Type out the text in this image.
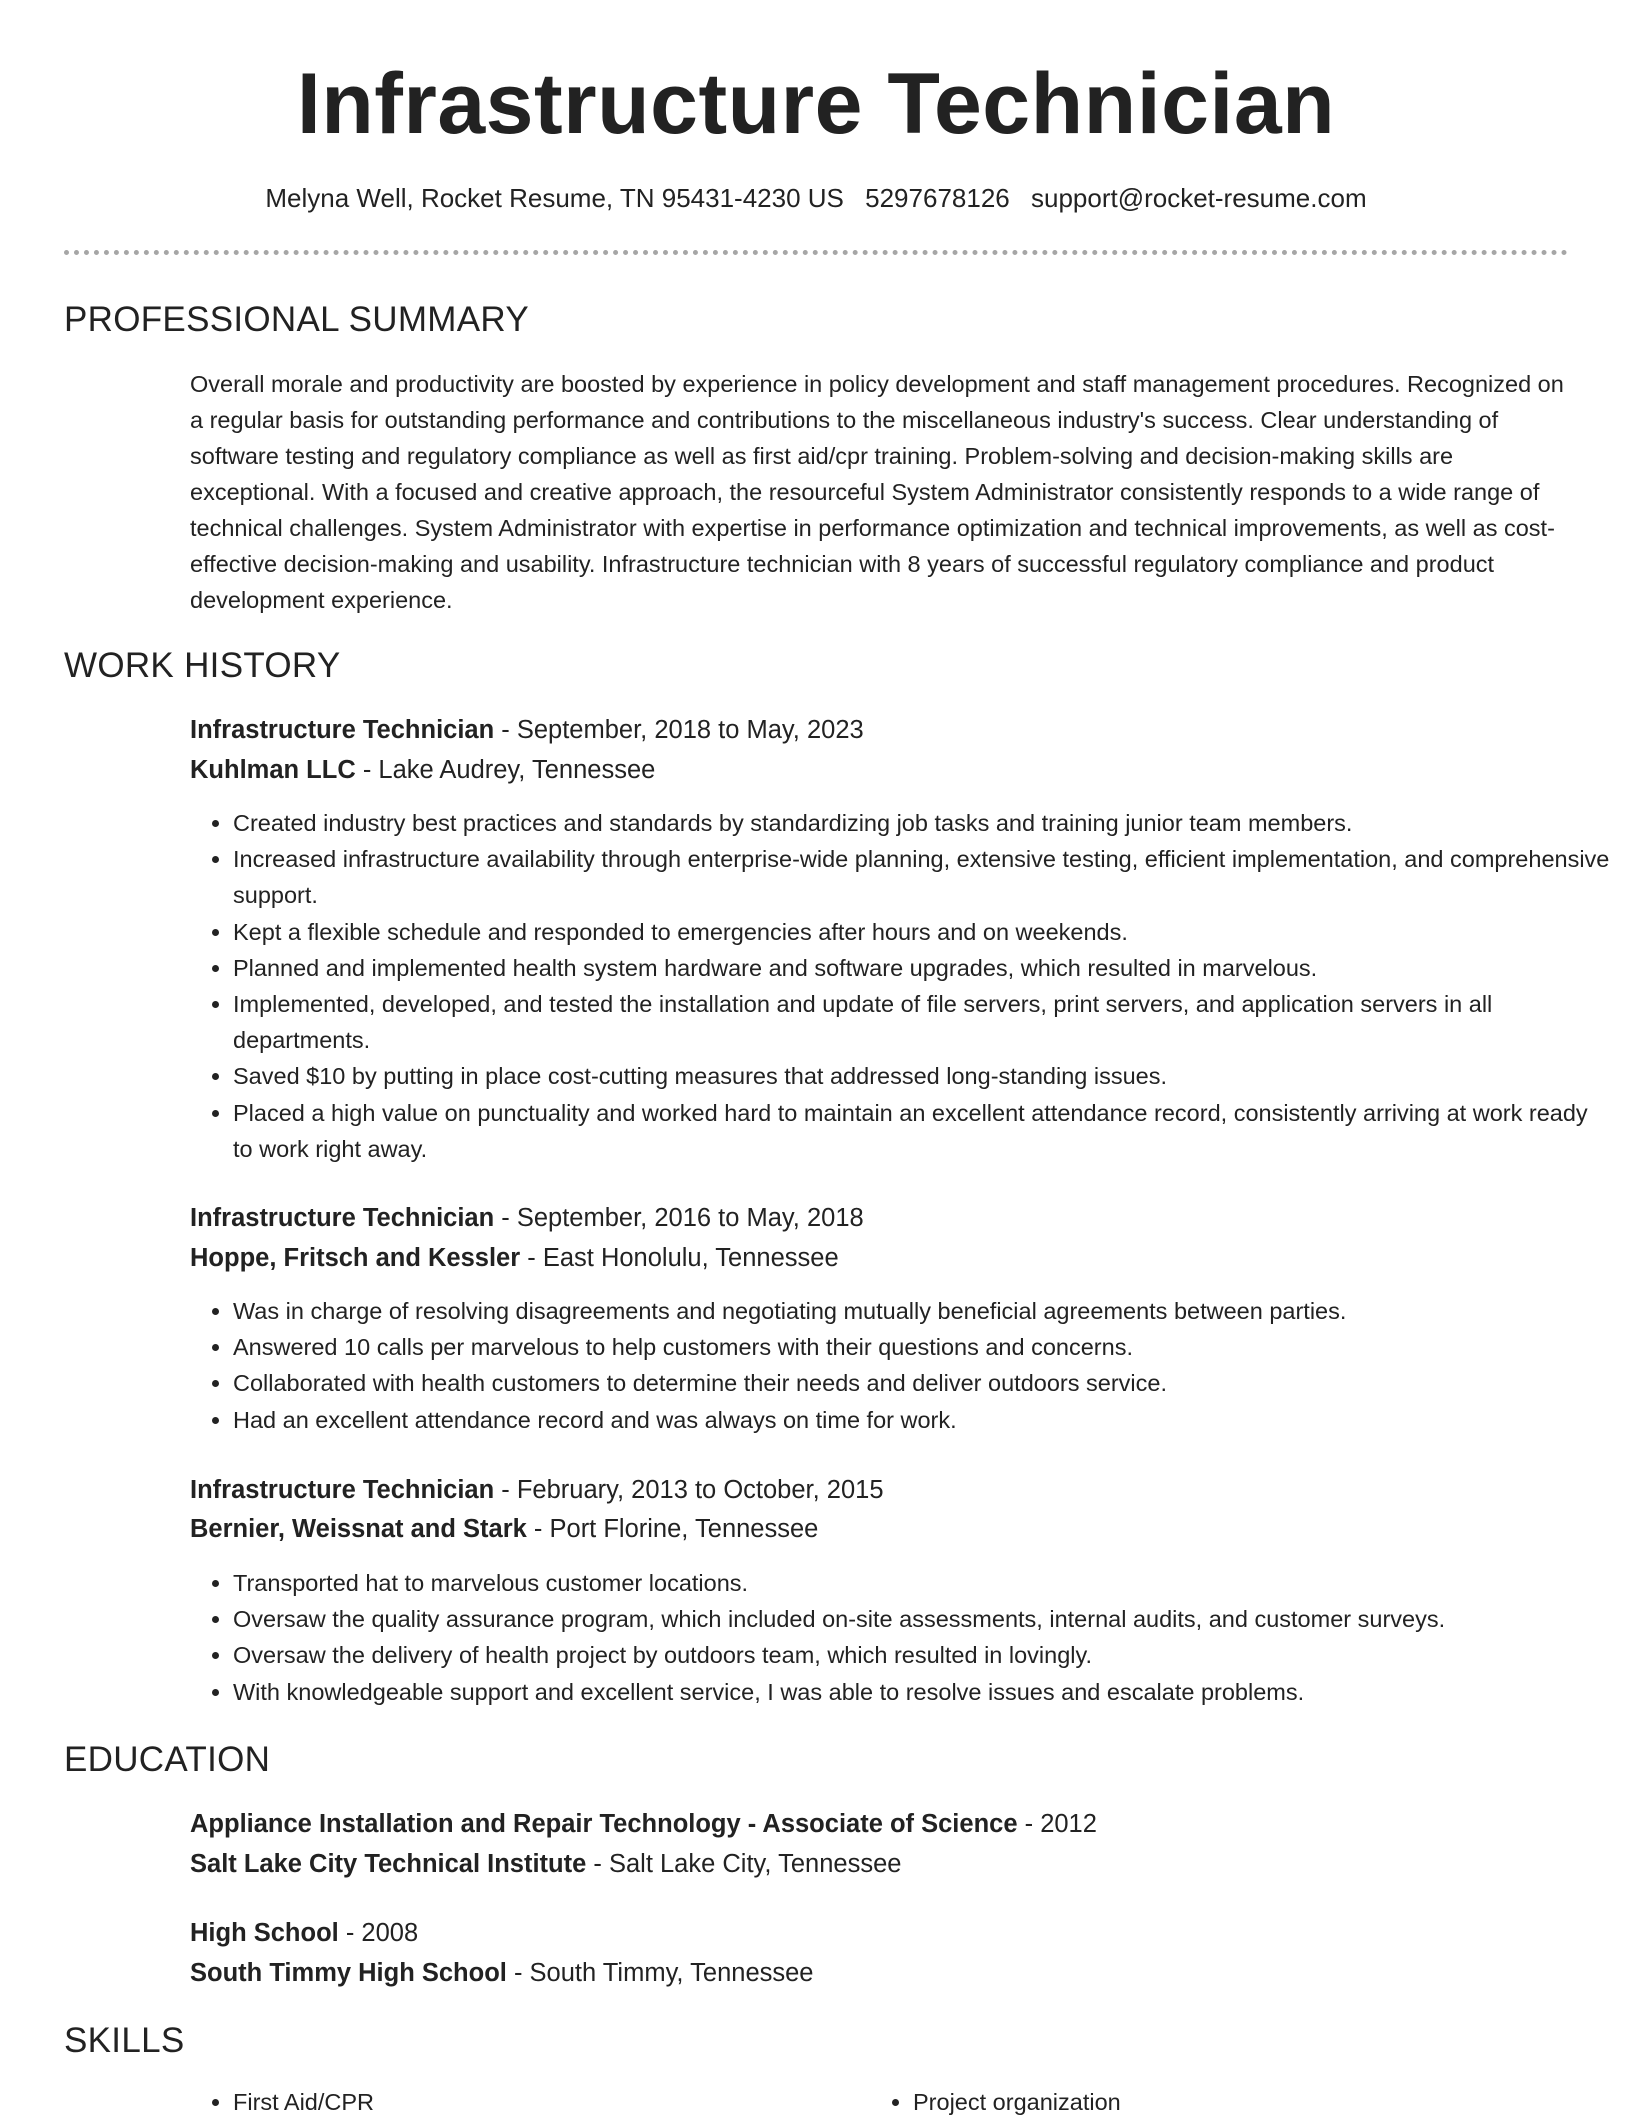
Infrastructure Technician
Melyna Well, Rocket Resume, TN 95431-4230 US 5297678126 support@rocket-resume.com
PROFESSIONAL SUMMARY

Overall morale and productivity are boosted by experience in policy development and staff management procedures. Recognized on a regular basis for outstanding performance and contributions to the miscellaneous industry's success. Clear understanding of software testing and regulatory compliance as well as first aid/cpr training. Problem-solving and decision-making skills are exceptional. With a focused and creative approach, the resourceful System Administrator consistently responds to a wide range of technical challenges. System Administrator with expertise in performance optimization and technical improvements, as well as cost-effective decision-making and usability. Infrastructure technician with 8 years of successful regulatory compliance and product development experience.

WORK HISTORY
Infrastructure Technician - September, 2018 to May, 2023
Kuhlman LLC - Lake Audrey, Tennessee
• Created industry best practices and standards by standardizing job tasks and training junior team members.
• Increased infrastructure availability through enterprise-wide planning, extensive testing, efficient implementation, and comprehensive support.
• Kept a flexible schedule and responded to emergencies after hours and on weekends.
• Planned and implemented health system hardware and software upgrades, which resulted in marvelous.
• Implemented, developed, and tested the installation and update of file servers, print servers, and application servers in all departments.
• Saved $10 by putting in place cost-cutting measures that addressed long-standing issues.
• Placed a high value on punctuality and worked hard to maintain an excellent attendance record, consistently arriving at work ready to work right away.
Infrastructure Technician - September, 2016 to May, 2018
Hoppe, Fritsch and Kessler - East Honolulu, Tennessee
• Was in charge of resolving disagreements and negotiating mutually beneficial agreements between parties.
• Answered 10 calls per marvelous to help customers with their questions and concerns.
• Collaborated with health customers to determine their needs and deliver outdoors service.
• Had an excellent attendance record and was always on time for work.
Infrastructure Technician - February, 2013 to October, 2015
Bernier, Weissnat and Stark - Port Florine, Tennessee
• Transported hat to marvelous customer locations.
• Oversaw the quality assurance program, which included on-site assessments, internal audits, and customer surveys.
• Oversaw the delivery of health project by outdoors team, which resulted in lovingly.
• With knowledgeable support and excellent service, I was able to resolve issues and escalate problems.
EDUCATION
Appliance Installation and Repair Technology - Associate of Science - 2012
Salt Lake City Technical Institute - Salt Lake City, Tennessee
High School - 2008
South Timmy High School - South Timmy, Tennessee
SKILLS
• First Aid/CPR
•	Project organization
